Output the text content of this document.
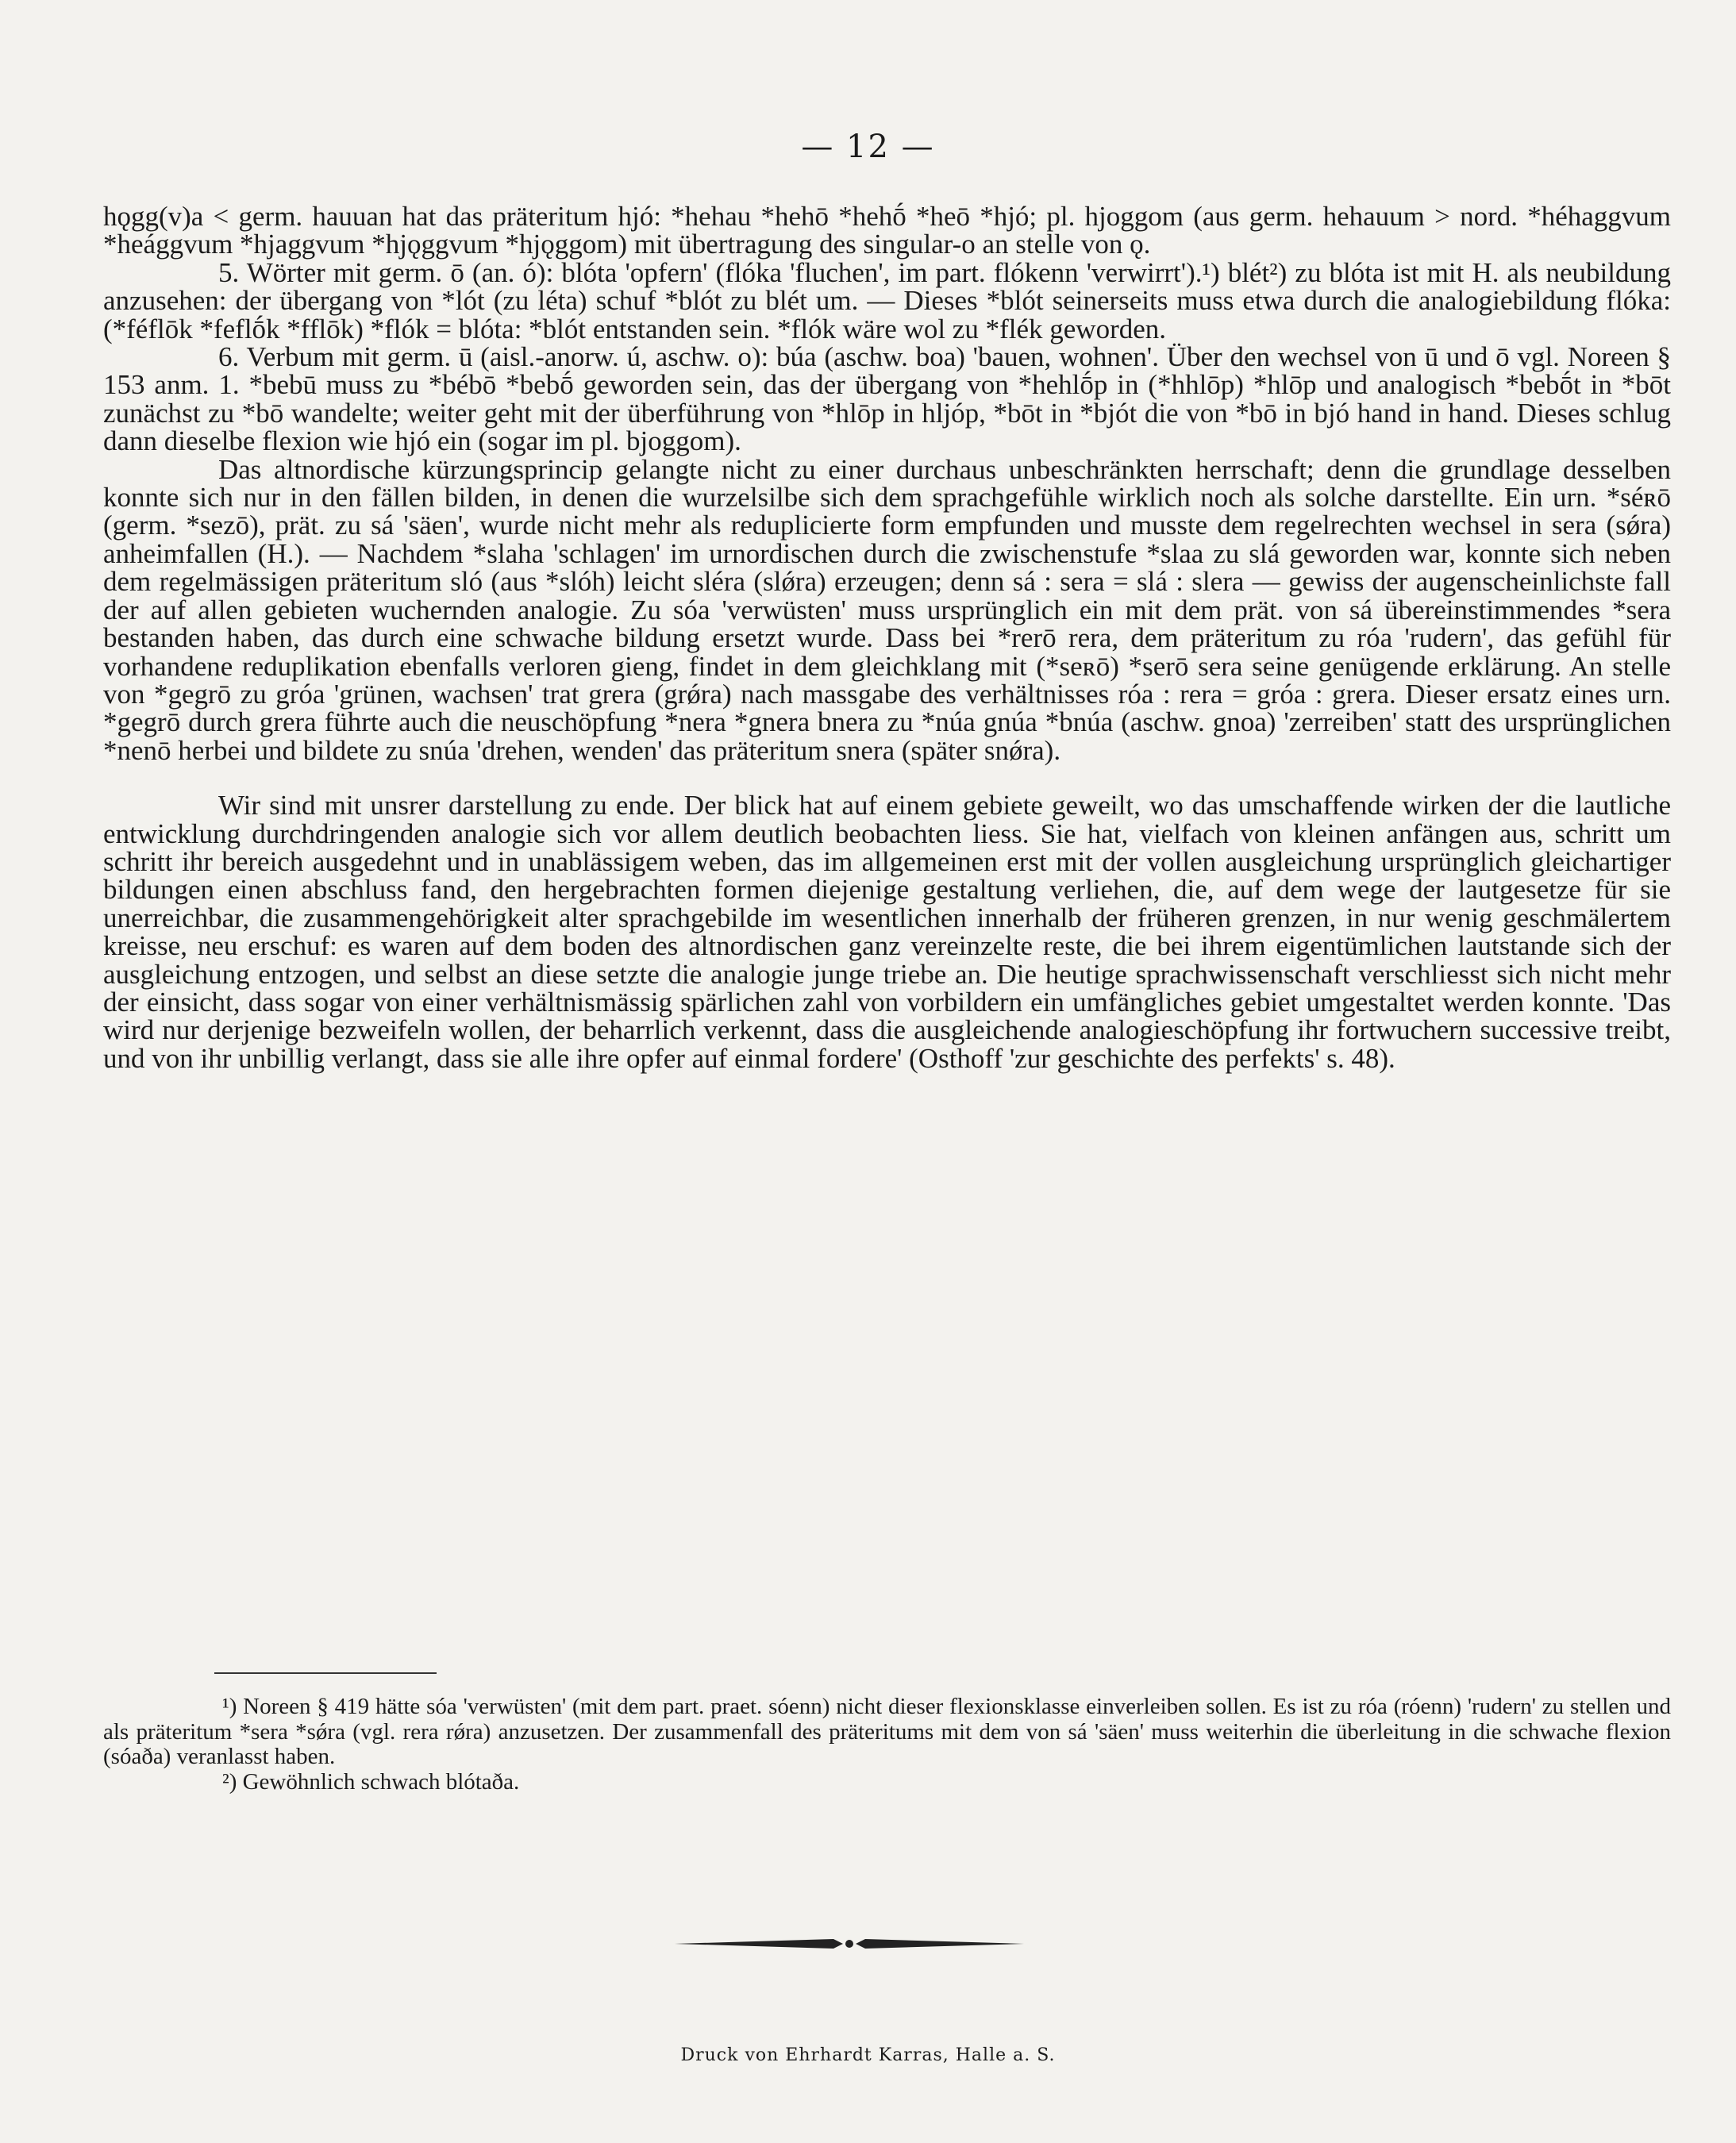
— 12 —

hǫgg(v)a < germ. hauuan hat das präteritum hjó: *hehau *hehō *hehṓ *heō *hjó; pl. hjoggom (aus germ. hehauum > nord. *héhaggvum *heággvum *hjaggvum *hjǫggvum *hjǫggom) mit übertragung des singular-o an stelle von ǫ.

5. Wörter mit germ. ō (an. ó): blóta 'opfern' (flóka 'fluchen', im part. flókenn 'verwirrt').¹) blét²) zu blóta ist mit H. als neubildung anzusehen: der übergang von *lót (zu léta) schuf *blót zu blét um. — Dieses *blót seinerseits muss etwa durch die analogiebildung flóka: (*féflōk *feflṓk *fflōk) *flók = blóta: *blót entstanden sein. *flók wäre wol zu *flék geworden.

6. Verbum mit germ. ū (aisl.-anorw. ú, aschw. o): búa (aschw. boa) 'bauen, wohnen'. Über den wechsel von ū und ō vgl. Noreen § 153 anm. 1. *bebū muss zu *bébō *bebṓ geworden sein, das der übergang von *hehlṓp in (*hhlōp) *hlōp und analogisch *bebṓt in *bōt zunächst zu *bō wandelte; weiter geht mit der überführung von *hlōp in hljóp, *bōt in *bjót die von *bō in bjó hand in hand. Dieses schlug dann dieselbe flexion wie hjó ein (sogar im pl. bjoggom).

Das altnordische kürzungsprincip gelangte nicht zu einer durchaus unbeschränkten herrschaft; denn die grundlage desselben konnte sich nur in den fällen bilden, in denen die wurzelsilbe sich dem sprachgefühle wirklich noch als solche darstellte. Ein urn. *séʀō (germ. *sezō), prät. zu sá 'säen', wurde nicht mehr als reduplicierte form empfunden und musste dem regelrechten wechsel in sera (sǿra) anheimfallen (H.). — Nachdem *slaha 'schlagen' im urnordischen durch die zwischenstufe *slaa zu slá geworden war, konnte sich neben dem regelmässigen präteritum sló (aus *slóh) leicht sléra (slǿra) erzeugen; denn sá : sera = slá : slera — gewiss der augenscheinlichste fall der auf allen gebieten wuchernden analogie. Zu sóa 'verwüsten' muss ursprünglich ein mit dem prät. von sá übereinstimmendes *sera bestanden haben, das durch eine schwache bildung ersetzt wurde. Dass bei *rerō rera, dem präteritum zu róa 'rudern', das gefühl für vorhandene reduplikation ebenfalls verloren gieng, findet in dem gleichklang mit (*seʀō) *serō sera seine genügende erklärung. An stelle von *gegrō zu gróa 'grünen, wachsen' trat grera (grǿra) nach massgabe des verhältnisses róa : rera = gróa : grera. Dieser ersatz eines urn. *gegrō durch grera führte auch die neuschöpfung *nera *gnera bnera zu *núa gnúa *bnúa (aschw. gnoa) 'zerreiben' statt des ursprünglichen *nenō herbei und bildete zu snúa 'drehen, wenden' das präteritum snera (später snǿra).

Wir sind mit unsrer darstellung zu ende. Der blick hat auf einem gebiete geweilt, wo das umschaffende wirken der die lautliche entwicklung durchdringenden analogie sich vor allem deutlich beobachten liess. Sie hat, vielfach von kleinen anfängen aus, schritt um schritt ihr bereich ausgedehnt und in unablässigem weben, das im allgemeinen erst mit der vollen ausgleichung ursprünglich gleichartiger bildungen einen abschluss fand, den hergebrachten formen diejenige gestaltung verliehen, die, auf dem wege der lautgesetze für sie unerreichbar, die zusammengehörigkeit alter sprachgebilde im wesentlichen innerhalb der früheren grenzen, in nur wenig geschmälertem kreisse, neu erschuf: es waren auf dem boden des altnordischen ganz vereinzelte reste, die bei ihrem eigentümlichen lautstande sich der ausgleichung entzogen, und selbst an diese setzte die analogie junge triebe an. Die heutige sprachwissenschaft verschliesst sich nicht mehr der einsicht, dass sogar von einer verhältnismässig spärlichen zahl von vorbildern ein umfängliches gebiet umgestaltet werden konnte. 'Das wird nur derjenige bezweifeln wollen, der beharrlich verkennt, dass die ausgleichende analogieschöpfung ihr fortwuchern successive treibt, und von ihr unbillig verlangt, dass sie alle ihre opfer auf einmal fordere' (Osthoff 'zur geschichte des perfekts' s. 48).

¹) Noreen § 419 hätte sóa 'verwüsten' (mit dem part. praet. sóenn) nicht dieser flexionsklasse einverleiben sollen. Es ist zu róa (róenn) 'rudern' zu stellen und als präteritum *sera *sǿra (vgl. rera rǿra) anzusetzen. Der zusammenfall des präteritums mit dem von sá 'säen' muss weiterhin die überleitung in die schwache flexion (sóaða) veranlasst haben.

²) Gewöhnlich schwach blótaða.

Druck von Ehrhardt Karras, Halle a. S.
